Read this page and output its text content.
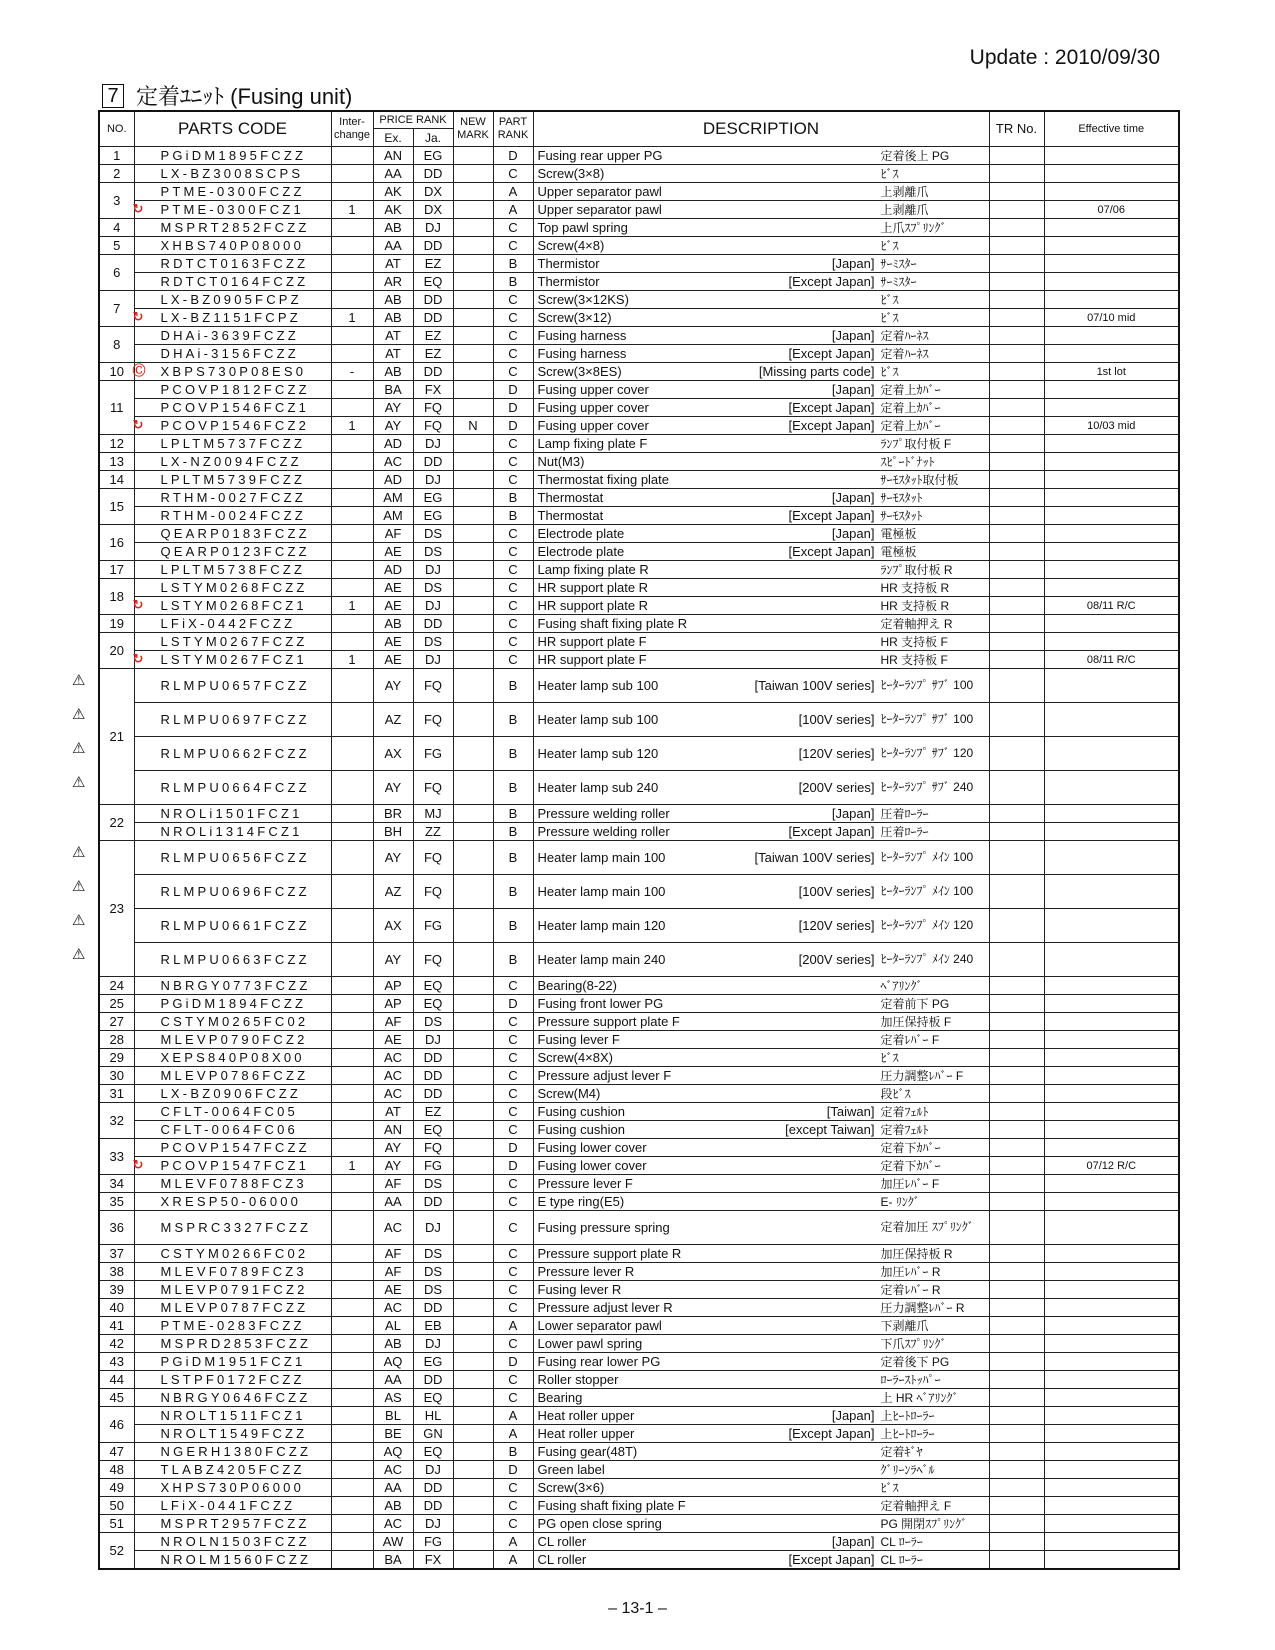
Update : 2010/09/30
7 定着ﾕﾆｯﾄ (Fusing unit)
NO.	PARTS CODE	Inter-change	PRICE RANK		NEW MARK	PART RANK	DESCRIPTION	TR No.	Effective time
			Ex.	Ja.					
1	PGiDM1895FCZZ		AN	EG		D	Fusing rear upper PG 定着後上 PG		

2	LX-BZ3008SCPS		AA	DD		C	Screw(3×8) ﾋﾞｽ		

3	PTME-0300FCZZ		AK	DX		A	Upper separator pawl 上剥離爪		

	↻ PTME-0300FCZ1	1	AK	DX		A	Upper separator pawl 上剥離爪		07/06
4	MSPRT2852FCZZ		AB	DJ		C	Top pawl spring 上爪ｽﾌﾟﾘﾝｸﾞ		

5	XHBS740P08000		AA	DD		C	Screw(4×8) ﾋﾞｽ		

6	RDTCT0163FCZZ		AT	EZ		B	Thermistor [Japan] ｻｰﾐｽﾀｰ		

	RDTCT0164FCZZ		AR	EQ		B	Thermistor [Except Japan] ｻｰﾐｽﾀｰ		

7	LX-BZ0905FCPZ		AB	DD		C	Screw(3×12KS) ﾋﾞｽ		

	↻ LX-BZ1151FCPZ	1	AB	DD		C	Screw(3×12) ﾋﾞｽ		07/10 mid
8	DHAi-3639FCZZ		AT	EZ		C	Fusing harness [Japan] 定着ﾊｰﾈｽ		

	DHAi-3156FCZZ		AT	EZ		C	Fusing harness [Except Japan] 定着ﾊｰﾈｽ		

10	Ⓒ XBPS730P08ES0	-	AB	DD		C	Screw(3×8ES) [Missing parts code] ﾋﾞｽ		1st lot
11	PCOVP1812FCZZ		BA	FX		D	Fusing upper cover [Japan] 定着上ｶﾊﾞｰ		

	PCOVP1546FCZ1		AY	FQ		D	Fusing upper cover [Except Japan] 定着上ｶﾊﾞｰ		

	↻ PCOVP1546FCZ2	1	AY	FQ	N	D	Fusing upper cover [Except Japan] 定着上ｶﾊﾞｰ		10/03 mid
12	LPLTM5737FCZZ		AD	DJ		C	Lamp fixing plate F ﾗﾝﾌﾟ取付板 F		

13	LX-NZ0094FCZZ		AC	DD		C	Nut(M3) ｽﾋﾟｰﾄﾞﾅｯﾄ		

14	LPLTM5739FCZZ		AD	DJ		C	Thermostat fixing plate ｻｰﾓｽﾀｯﾄ取付板		

15	RTHM-0027FCZZ		AM	EG		B	Thermostat [Japan] ｻｰﾓｽﾀｯﾄ		

	RTHM-0024FCZZ		AM	EG		B	Thermostat [Except Japan] ｻｰﾓｽﾀｯﾄ		

16	QEARP0183FCZZ		AF	DS		C	Electrode plate [Japan] 電極板		

	QEARP0123FCZZ		AE	DS		C	Electrode plate [Except Japan] 電極板		

17	LPLTM5738FCZZ		AD	DJ		C	Lamp fixing plate R ﾗﾝﾌﾟ取付板 R		

18	LSTYM0268FCZZ		AE	DS		C	HR support plate R HR 支持板 R		

	↻ LSTYM0268FCZ1	1	AE	DJ		C	HR support plate R HR 支持板 R		08/11 R/C
19	LFiX-0442FCZZ		AB	DD		C	Fusing shaft fixing plate R 定着軸押え R		

20	LSTYM0267FCZZ		AE	DS		C	HR support plate F HR 支持板 F		

	↻ LSTYM0267FCZ1	1	AE	DJ		C	HR support plate F HR 支持板 F		08/11 R/C
21	RLMPU0657FCZZ		AY	FQ		B	Heater lamp sub 100 [Taiwan 100V series] ﾋｰﾀｰﾗﾝﾌﾟ ｻﾌﾞ 100		

	RLMPU0697FCZZ		AZ	FQ		B	Heater lamp sub 100 [100V series] ﾋｰﾀｰﾗﾝﾌﾟ ｻﾌﾞ 100		

	RLMPU0662FCZZ		AX	FG		B	Heater lamp sub 120 [120V series] ﾋｰﾀｰﾗﾝﾌﾟ ｻﾌﾞ 120		

	RLMPU0664FCZZ		AY	FQ		B	Heater lamp sub 240 [200V series] ﾋｰﾀｰﾗﾝﾌﾟ ｻﾌﾞ 240		

22	NROLi1501FCZ1		BR	MJ		B	Pressure welding roller [Japan] 圧着ﾛｰﾗｰ		

	NROLi1314FCZ1		BH	ZZ		B	Pressure welding roller [Except Japan] 圧着ﾛｰﾗｰ		

23	RLMPU0656FCZZ		AY	FQ		B	Heater lamp main 100 [Taiwan 100V series] ﾋｰﾀｰﾗﾝﾌﾟ ﾒｲﾝ 100		

	RLMPU0696FCZZ		AZ	FQ		B	Heater lamp main 100 [100V series] ﾋｰﾀｰﾗﾝﾌﾟ ﾒｲﾝ 100		

	RLMPU0661FCZZ		AX	FG		B	Heater lamp main 120 [120V series] ﾋｰﾀｰﾗﾝﾌﾟ ﾒｲﾝ 120		

	RLMPU0663FCZZ		AY	FQ		B	Heater lamp main 240 [200V series] ﾋｰﾀｰﾗﾝﾌﾟ ﾒｲﾝ 240		

24	NBRGY0773FCZZ		AP	EQ		C	Bearing(8-22) ﾍﾞｱﾘﾝｸﾞ		

25	PGiDM1894FCZZ		AP	EQ		D	Fusing front lower PG 定着前下 PG		

27	CSTYM0265FC02		AF	DS		C	Pressure support plate F 加圧保持板 F		

28	MLEVP0790FCZ2		AE	DJ		C	Fusing lever F 定着ﾚﾊﾞｰ F		

29	XEPS840P08X00		AC	DD		C	Screw(4×8X) ﾋﾞｽ		

30	MLEVP0786FCZZ		AC	DD		C	Pressure adjust lever F 圧力調整ﾚﾊﾞｰ F		

31	LX-BZ0906FCZZ		AC	DD		C	Screw(M4) 段ﾋﾞｽ		

32	CFLT-0064FC05		AT	EZ		C	Fusing cushion [Taiwan] 定着ﾌｪﾙﾄ		

	CFLT-0064FC06		AN	EQ		C	Fusing cushion [except Taiwan] 定着ﾌｪﾙﾄ		

33	PCOVP1547FCZZ		AY	FQ		D	Fusing lower cover 定着下ｶﾊﾞｰ		

	↻ PCOVP1547FCZ1	1	AY	FG		D	Fusing lower cover 定着下ｶﾊﾞｰ		07/12 R/C
34	MLEVF0788FCZ3		AF	DS		C	Pressure lever F 加圧ﾚﾊﾞｰ F		

35	XRESP50-06000		AA	DD		C	E type ring(E5) E- ﾘﾝｸﾞ		

36	MSPRC3327FCZZ		AC	DJ		C	Fusing pressure spring 定着加圧 ｽﾌﾟﾘﾝｸﾞ		

37	CSTYM0266FC02		AF	DS		C	Pressure support plate R 加圧保持板 R		

38	MLEVF0789FCZ3		AF	DS		C	Pressure lever R 加圧ﾚﾊﾞｰ R		

39	MLEVP0791FCZ2		AE	DS		C	Fusing lever R 定着ﾚﾊﾞｰ R		

40	MLEVP0787FCZZ		AC	DD		C	Pressure adjust lever R 圧力調整ﾚﾊﾞｰ R		

41	PTME-0283FCZZ		AL	EB		A	Lower separator pawl 下剥離爪		

42	MSPRD2853FCZZ		AB	DJ		C	Lower pawl spring 下爪ｽﾌﾟﾘﾝｸﾞ		

43	PGiDM1951FCZ1		AQ	EG		D	Fusing rear lower PG 定着後下 PG		

44	LSTPF0172FCZZ		AA	DD		C	Roller stopper ﾛｰﾗｰｽﾄｯﾊﾟｰ		

45	NBRGY0646FCZZ		AS	EQ		C	Bearing 上 HR ﾍﾞｱﾘﾝｸﾞ		

46	NROLT1511FCZ1		BL	HL		A	Heat roller upper [Japan] 上ﾋｰﾄﾛｰﾗｰ		

	NROLT1549FCZZ		BE	GN		A	Heat roller upper [Except Japan] 上ﾋｰﾄﾛｰﾗｰ		

47	NGERH1380FCZZ		AQ	EQ		B	Fusing gear(48T) 定着ｷﾞﾔ		

48	TLABZ4205FCZZ		AC	DJ		D	Green label ｸﾞﾘｰﾝﾗﾍﾞﾙ		

49	XHPS730P06000		AA	DD		C	Screw(3×6) ﾋﾞｽ		

50	LFiX-0441FCZZ		AB	DD		C	Fusing shaft fixing plate F 定着軸押え F		

51	MSPRT2957FCZZ		AC	DJ		C	PG open close spring PG 開閉ｽﾌﾟﾘﾝｸﾞ		

52	NROLN1503FCZZ		AW	FG		A	CL roller [Japan] CL ﾛｰﾗｰ		

	NROLM1560FCZZ		BA	FX		A	CL roller [Except Japan] CL ﾛｰﾗｰ		

– 13-1 –
⚠
⚠
⚠
⚠
⚠
⚠
⚠
⚠
